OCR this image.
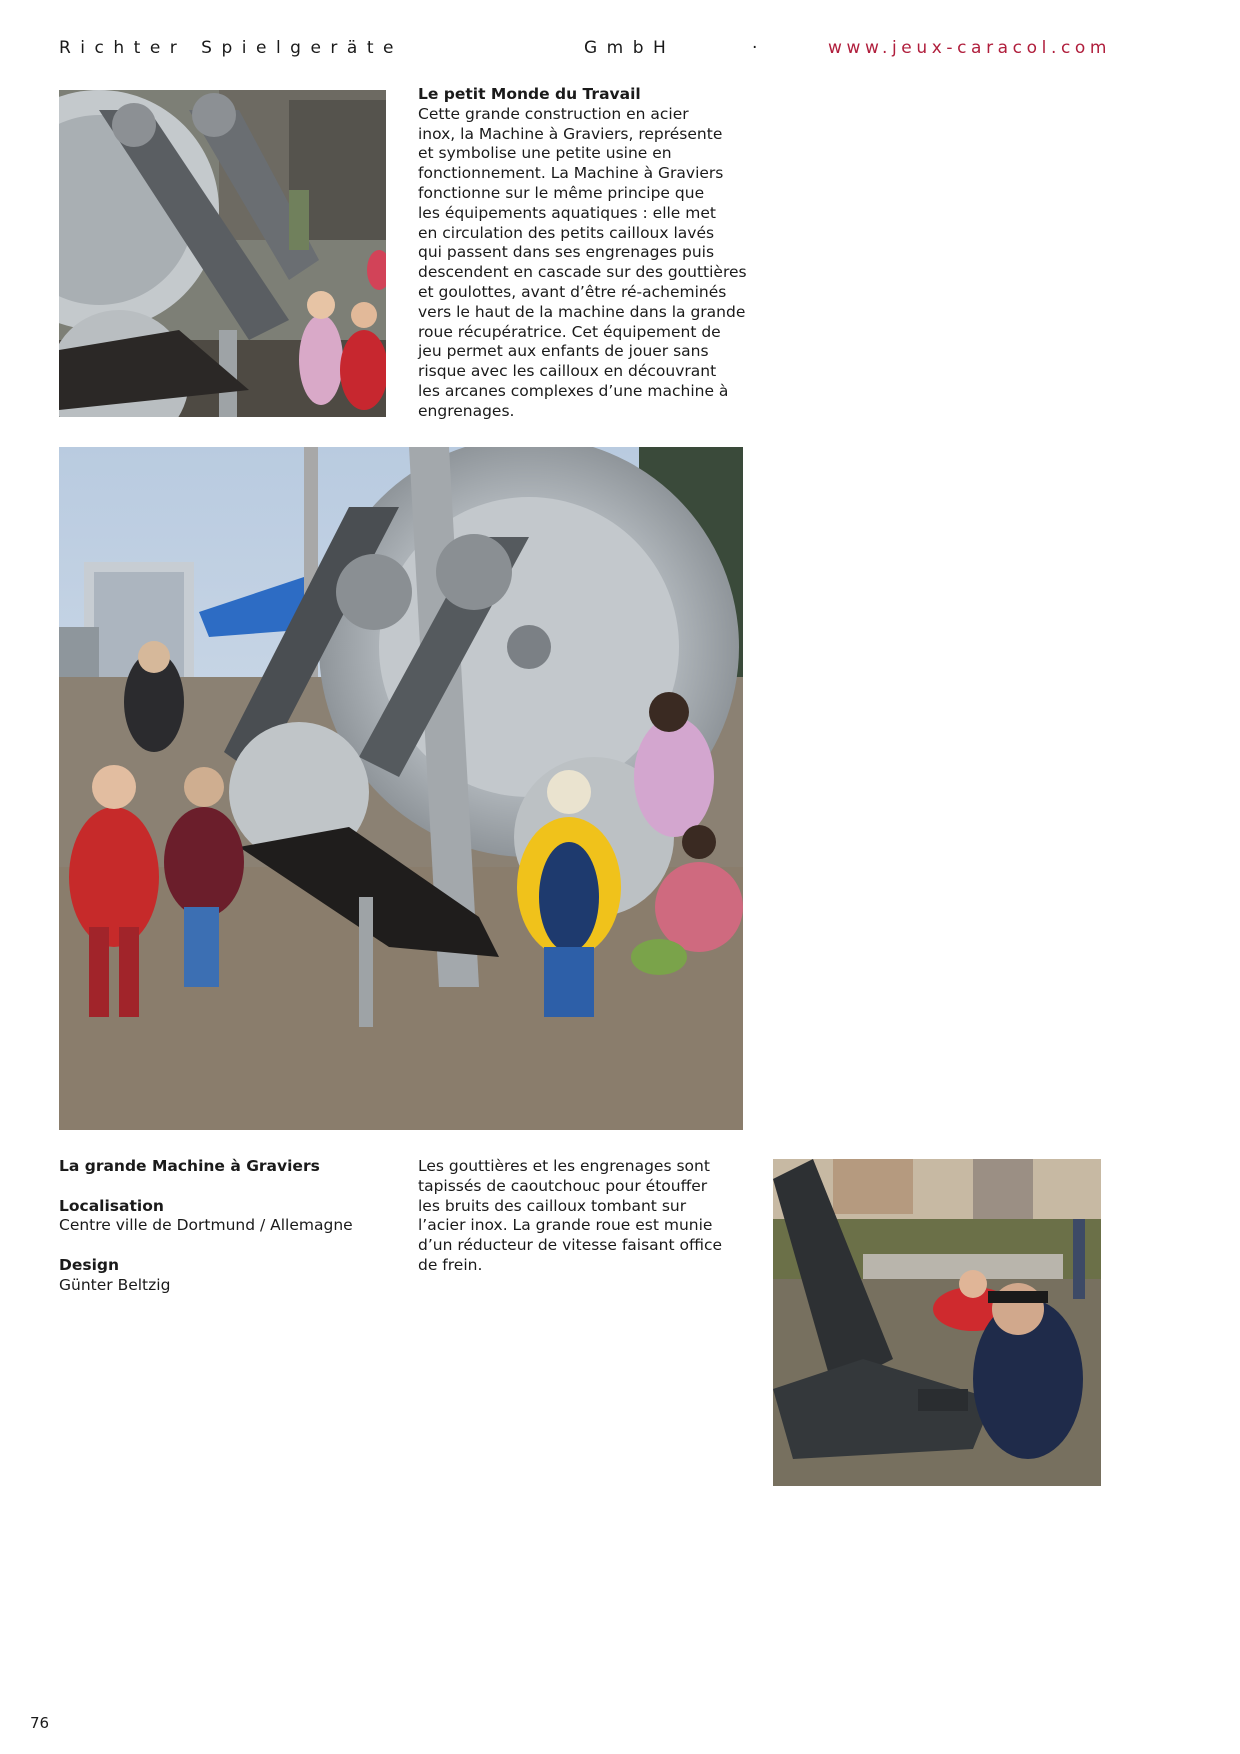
Richter Spielgeräte	GmbH	·	www.jeux-caracol.com
Le petit Monde du Travail

Cette grande construction en acier

inox, la Machine à Graviers, représente

et symbolise une petite usine en

fonctionnement. La Machine à Graviers

fonctionne sur le même principe que

les équipements aquatiques : elle met

en circulation des petits cailloux lavés

qui passent dans ses engrenages puis

descendent en cascade sur des gouttières

et goulottes, avant d’être ré-acheminés

vers le haut de la machine dans la grande

roue récupératrice. Cet équipement de

jeu permet aux enfants de jouer sans

risque avec les cailloux en découvrant

les arcanes complexes d’une machine à

engrenages.

La grande Machine à Graviers
Localisation
Centre ville de Dortmund / Allemagne
Design
Günter Beltzig

Les gouttières et les engrenages sont

tapissés de caoutchouc pour étouffer

les bruits des cailloux tombant sur

l’acier inox. La grande roue est munie

d’un réducteur de vitesse faisant office

de frein.

76
